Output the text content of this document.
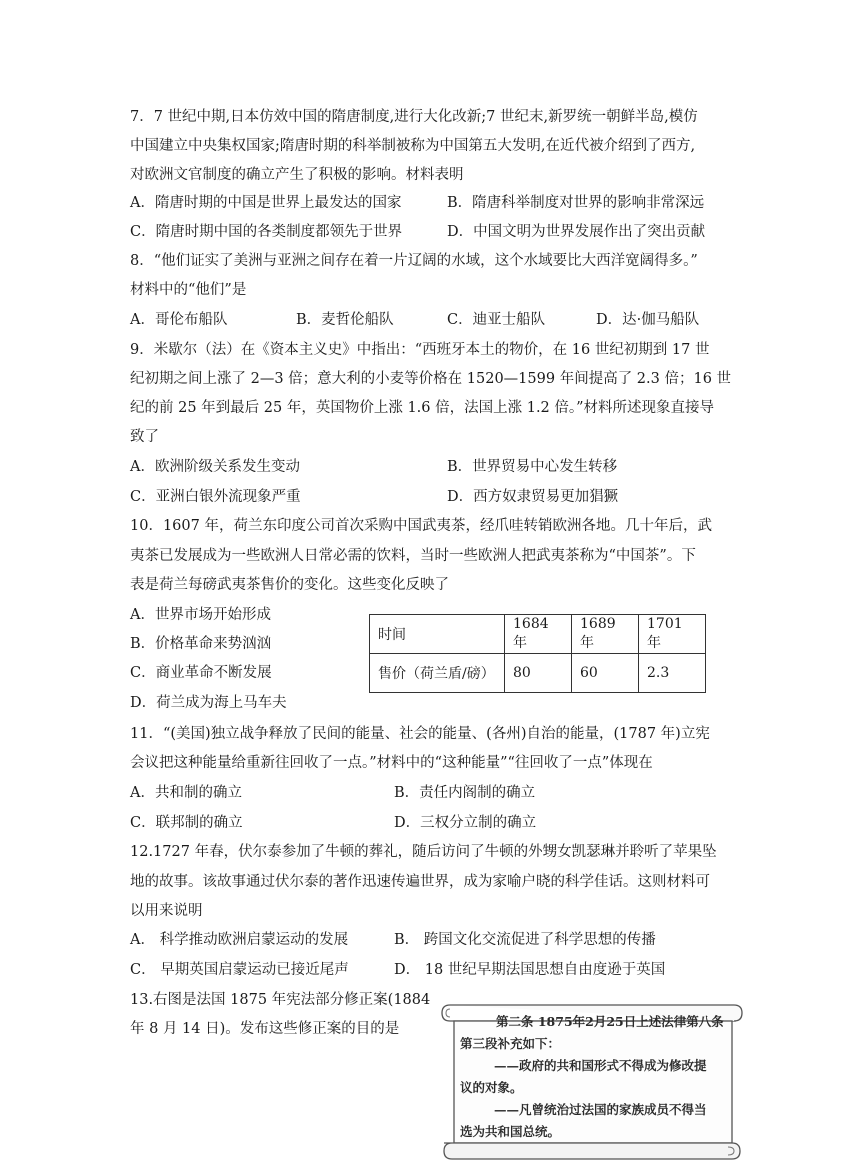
7．7 世纪中期,日本仿效中国的隋唐制度,进行大化改新;7 世纪末,新罗统一朝鲜半岛,模仿
中国建立中央集权国家;隋唐时期的科举制被称为中国第五大发明,在近代被介绍到了西方,
对欧洲文官制度的确立产生了积极的影响。材料表明
A．隋唐时期的中国是世界上最发达的国家	B．隋唐科举制度对世界的影响非常深远
C．隋唐时期中国的各类制度都领先于世界	D．中国文明为世界发展作出了突出贡献
8．“他们证实了美洲与亚洲之间存在着一片辽阔的水域，这个水域要比大西洋宽阔得多。”
材料中的“他们”是
A．哥伦布船队	B．麦哲伦船队	C．迪亚士船队	D．达·伽马船队
9．米歇尔（法）在《资本主义史》中指出：“西班牙本土的物价，在 16 世纪初期到 17 世
纪初期之间上涨了 2—3 倍；意大利的小麦等价格在 1520—1599 年间提高了 2.3 倍；16 世
纪的前 25 年到最后 25 年，英国物价上涨 1.6 倍，法国上涨 1.2 倍。”材料所述现象直接导
致了
A．欧洲阶级关系发生变动	B．世界贸易中心发生转移
C．亚洲白银外流现象严重	D．西方奴隶贸易更加猖獗
10．1607 年，荷兰东印度公司首次采购中国武夷茶，经爪哇转销欧洲各地。几十年后，武
夷茶已发展成为一些欧洲人日常必需的饮料，当时一些欧洲人把武夷茶称为“中国茶”。下
表是荷兰每磅武夷茶售价的变化。这些变化反映了
A．世界市场开始形成
B．价格革命来势汹汹
C．商业革命不断发展
D．荷兰成为海上马车夫
时间	1684 年	1689 年	1701 年
售价（荷兰盾/磅）	80	60	2.3
11．“(美国)独立战争释放了民间的能量、社会的能量、(各州)自治的能量，(1787 年)立宪
会议把这种能量给重新往回收了一点。”材料中的“这种能量”“往回收了一点”体现在
A．共和制的确立	B．责任内阁制的确立
C．联邦制的确立	D．三权分立制的确立
12.1727 年春，伏尔泰参加了牛顿的葬礼，随后访问了牛顿的外甥女凯瑟琳并聆听了苹果坠
地的故事。该故事通过伏尔泰的著作迅速传遍世界，成为家喻户晓的科学佳话。这则材料可
以用来说明
A． 科学推动欧洲启蒙运动的发展	B． 跨国文化交流促进了科学思想的传播
C． 早期英国启蒙运动已接近尾声	D． 18 世纪早期法国思想自由度逊于英国
13.右图是法国 1875 年宪法部分修正案(1884
年 8 月 14 日)。发布这些修正案的目的是	第二条 1875年2月25日上述法律第八条
第三段补充如下：
——政府的共和国形式不得成为修改提
议的对象。
——凡曾统治过法国的家族成员不得当
选为共和国总统。
